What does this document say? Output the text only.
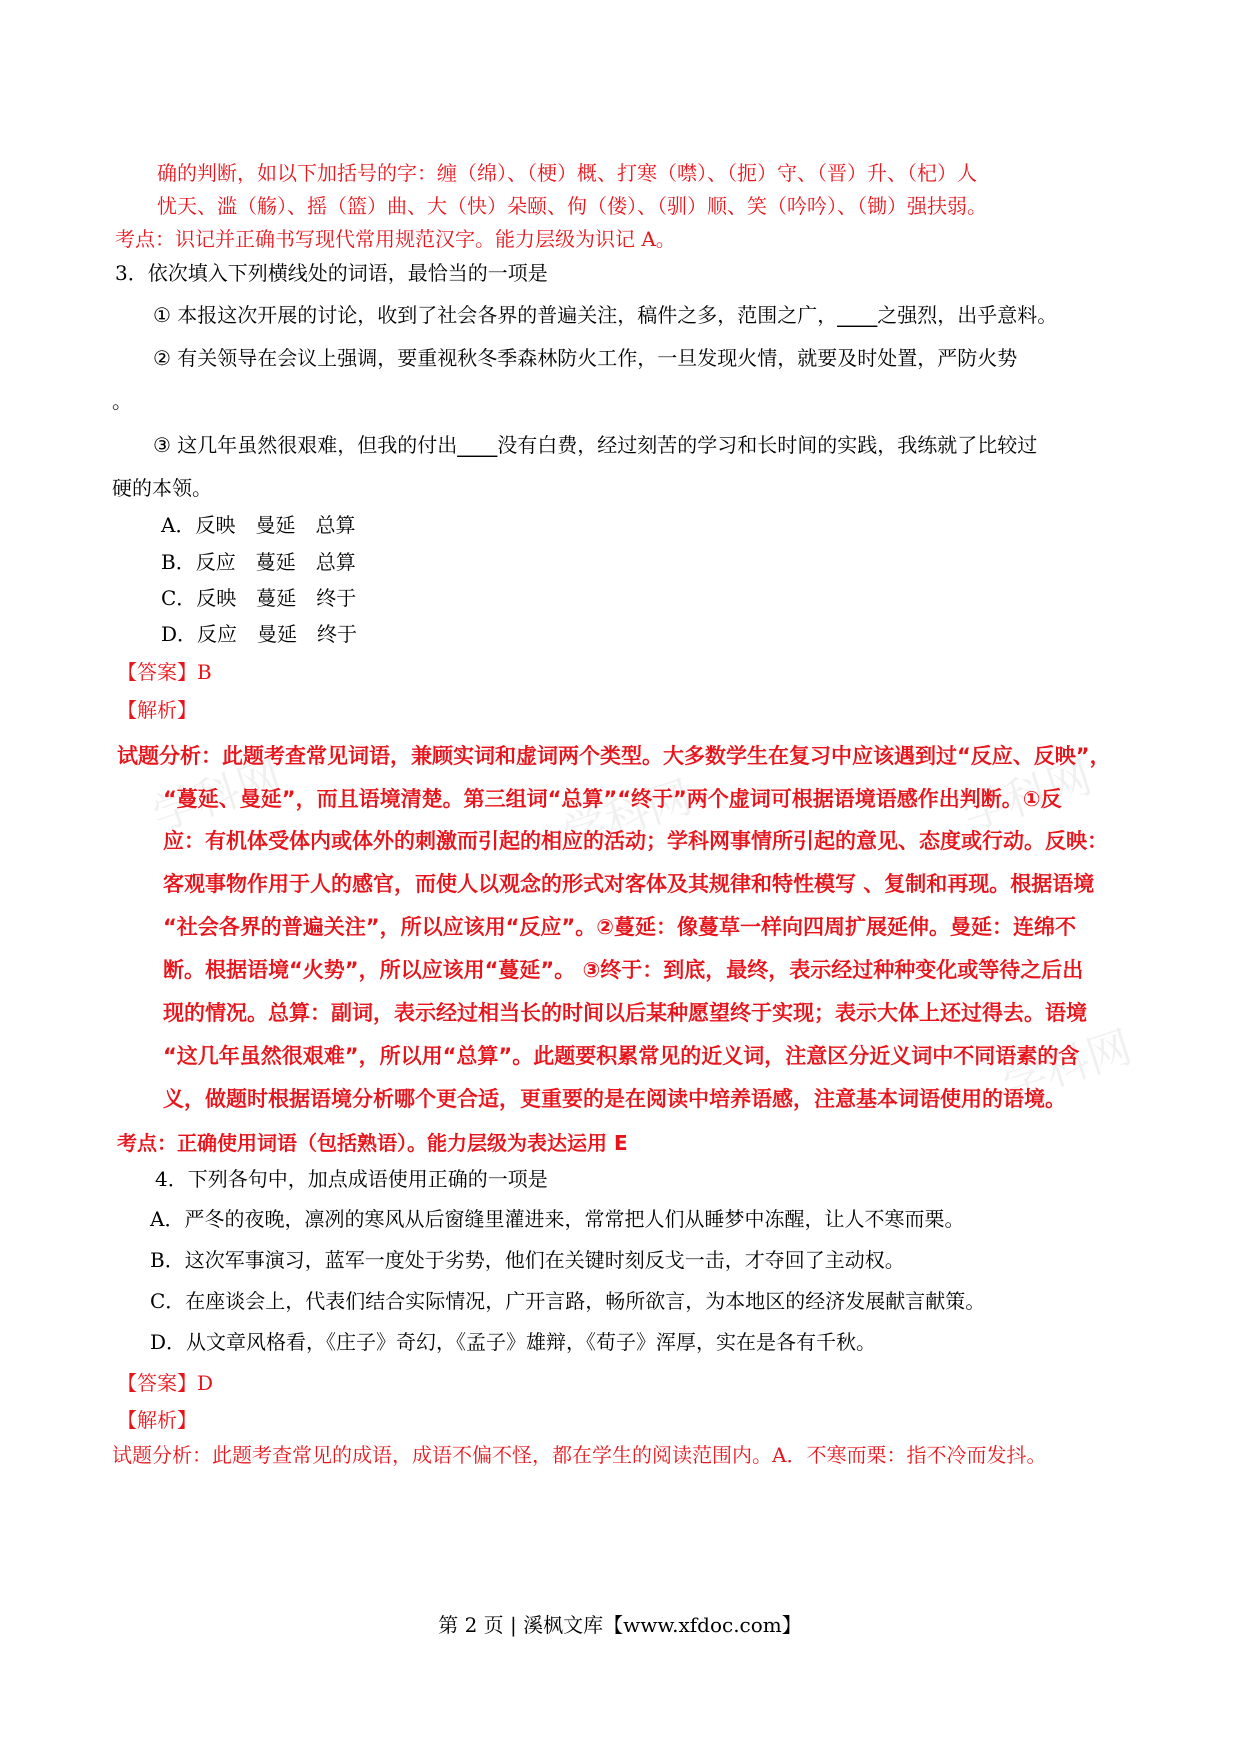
学科网	学科网	学科网
学科网
确的判断，如以下加括号的字：缠（绵）、（梗）概、打寒（噤）、（扼）守、（晋）升、（杞）人
忧天、滥（觞）、摇（篮）曲、大（快）朵颐、佝（偻）、（驯）顺、笑（吟吟）、（锄）强扶弱。
考点：识记并正确书写现代常用规范汉字。能力层级为识记 A。
3．依次填入下列横线处的词语，最恰当的一项是
① 本报这次开展的讨论，收到了社会各界的普遍关注，稿件之多，范围之广，____之强烈，出乎意料。
② 有关领导在会议上强调，要重视秋冬季森林防火工作，一旦发现火情，就要及时处置，严防火势
。
③ 这几年虽然很艰难，但我的付出____没有白费，经过刻苦的学习和长时间的实践，我练就了比较过
硬的本领。
A．反映　曼延　总算
B．反应　蔓延　总算
C．反映　蔓延　终于
D．反应　曼延　终于
【答案】B
【解析】
试题分析：此题考查常见词语，兼顾实词和虚词两个类型。大多数学生在复习中应该遇到过“反应、反映”，
“蔓延、曼延”，而且语境清楚。第三组词“总算”“终于”两个虚词可根据语境语感作出判断。①反
应：有机体受体内或体外的刺激而引起的相应的活动；学科网事情所引起的意见、态度或行动。反映：
客观事物作用于人的感官，而使人以观念的形式对客体及其规律和特性模写 、复制和再现。根据语境
“社会各界的普遍关注”，所以应该用“反应”。②蔓延：像蔓草一样向四周扩展延伸。曼延：连绵不
断。根据语境“火势”，所以应该用“蔓延”。 ③终于：到底，最终，表示经过种种变化或等待之后出
现的情况。总算：副词，表示经过相当长的时间以后某种愿望终于实现；表示大体上还过得去。语境
“这几年虽然很艰难”，所以用“总算”。此题要积累常见的近义词，注意区分近义词中不同语素的含
义，做题时根据语境分析哪个更合适，更重要的是在阅读中培养语感，注意基本词语使用的语境。
考点：正确使用词语（包括熟语）。能力层级为表达运用 E
4．下列各句中，加点成语使用正确的一项是
A．严冬的夜晚，凛冽的寒风从后窗缝里灌进来，常常把人们从睡梦中冻醒，让人不寒而栗。
B．这次军事演习，蓝军一度处于劣势，他们在关键时刻反戈一击，才夺回了主动权。
C．在座谈会上，代表们结合实际情况，广开言路，畅所欲言，为本地区的经济发展献言献策。
D．从文章风格看，《庄子》奇幻，《孟子》雄辩，《荀子》浑厚，实在是各有千秋。
【答案】D
【解析】
试题分析：此题考查常见的成语，成语不偏不怪，都在学生的阅读范围内。A．不寒而栗：指不冷而发抖。
第 2 页 | 溪枫文库【www.xfdoc.com】
